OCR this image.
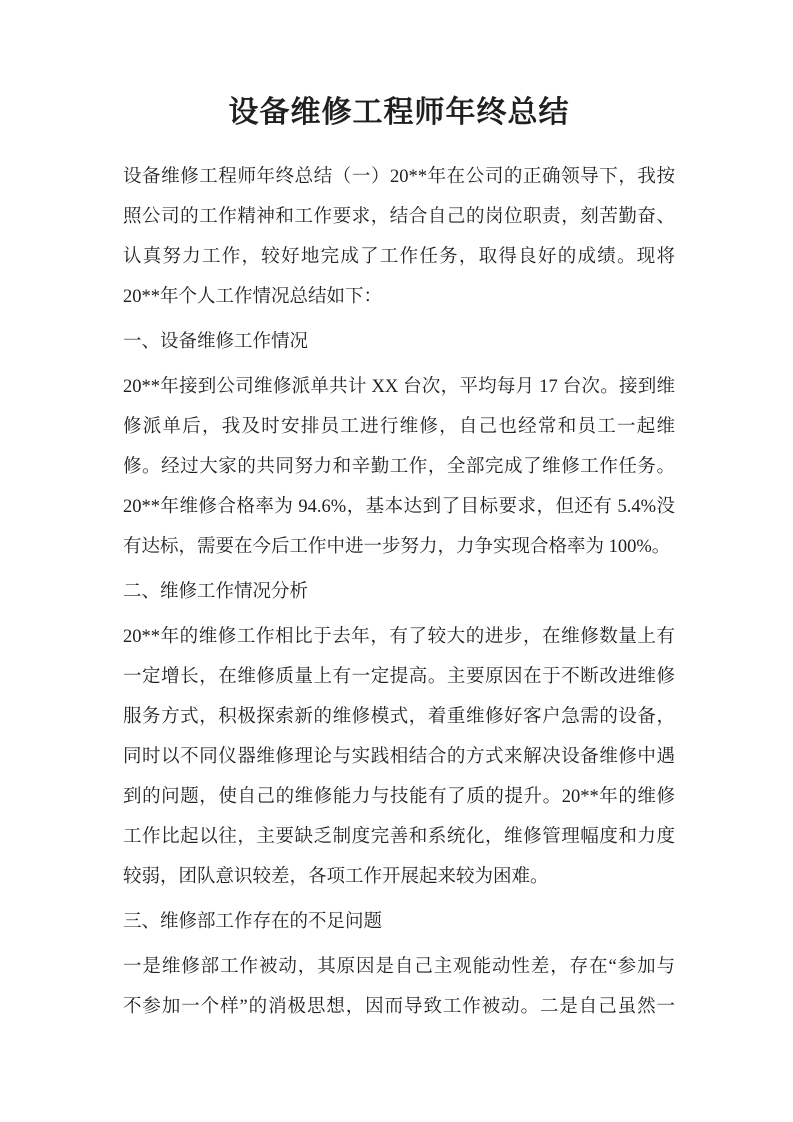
设备维修工程师年终总结
设备维修工程师年终总结（一）20**年在公司的正确领导下，我按
照公司的工作精神和工作要求，结合自己的岗位职责，刻苦勤奋、
认真努力工作，较好地完成了工作任务，取得良好的成绩。现将
20**年个人工作情况总结如下：
一、设备维修工作情况
20**年接到公司维修派单共计 XX 台次，平均每月 17 台次。接到维
修派单后，我及时安排员工进行维修，自己也经常和员工一起维
修。经过大家的共同努力和辛勤工作，全部完成了维修工作任务。
20**年维修合格率为 94.6%，基本达到了目标要求，但还有 5.4%没
有达标，需要在今后工作中进一步努力，力争实现合格率为 100%。
二、维修工作情况分析
20**年的维修工作相比于去年，有了较大的进步，在维修数量上有
一定增长，在维修质量上有一定提高。主要原因在于不断改进维修
服务方式，积极探索新的维修模式，着重维修好客户急需的设备，
同时以不同仪器维修理论与实践相结合的方式来解决设备维修中遇
到的问题，使自己的维修能力与技能有了质的提升。20**年的维修
工作比起以往，主要缺乏制度完善和系统化，维修管理幅度和力度
较弱，团队意识较差，各项工作开展起来较为困难。
三、维修部工作存在的不足问题
一是维修部工作被动，其原因是自己主观能动性差，存在“参加与
不参加一个样”的消极思想，因而导致工作被动。二是自己虽然一
